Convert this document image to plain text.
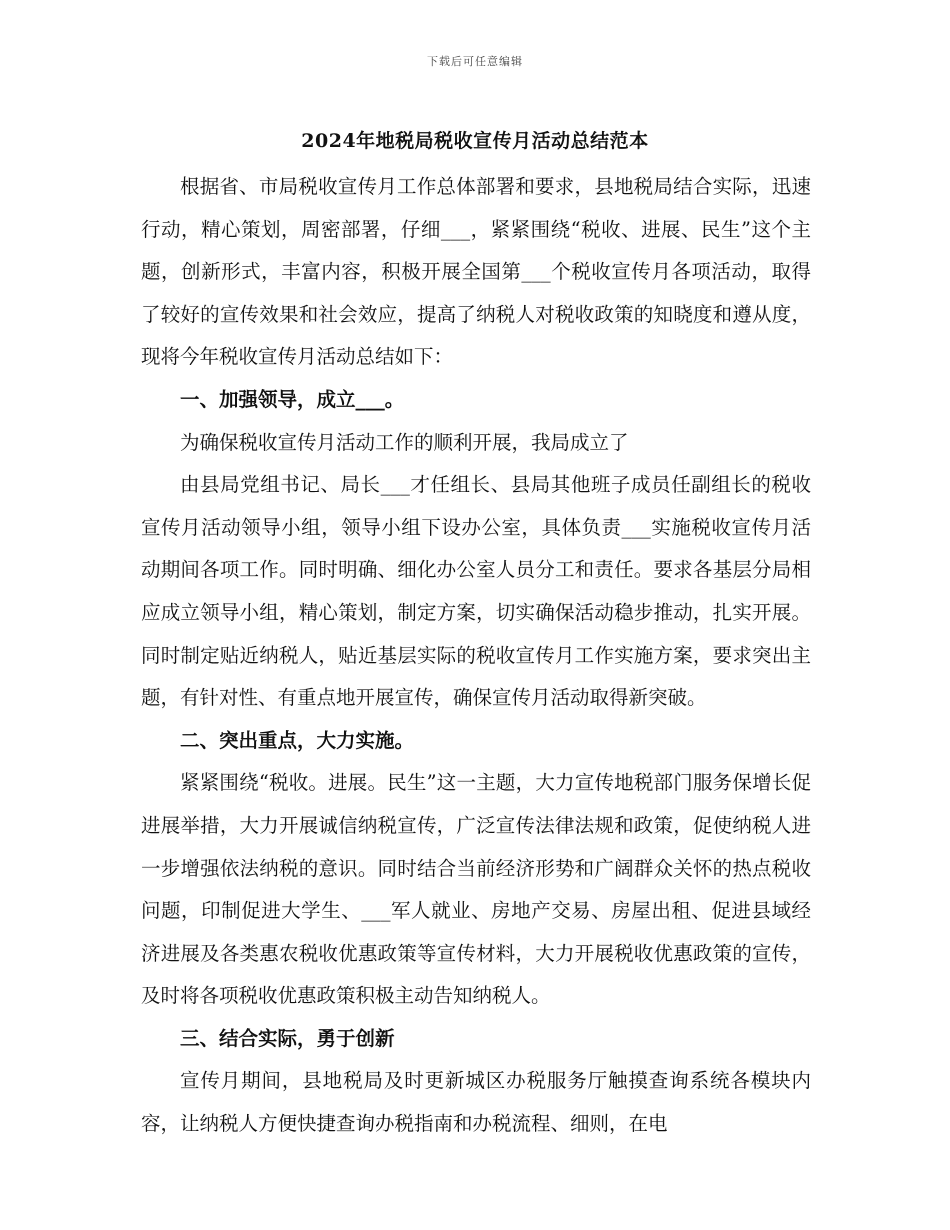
下载后可任意编辑
2024年地税局税收宣传月活动总结范本

根据省、市局税收宣传月工作总体部署和要求，县地税局结合实际，迅速行动，精心策划，周密部署，仔细___，紧紧围绕“税收、进展、民生”这个主题，创新形式，丰富内容，积极开展全国第___个税收宣传月各项活动，取得了较好的宣传效果和社会效应，提高了纳税人对税收政策的知晓度和遵从度，现将今年税收宣传月活动总结如下：

一、加强领导，成立___。

为确保税收宣传月活动工作的顺利开展，我局成立了

由县局党组书记、局长___才任组长、县局其他班子成员任副组长的税收宣传月活动领导小组，领导小组下设办公室，具体负责___实施税收宣传月活动期间各项工作。同时明确、细化办公室人员分工和责任。要求各基层分局相应成立领导小组，精心策划，制定方案，切实确保活动稳步推动，扎实开展。同时制定贴近纳税人，贴近基层实际的税收宣传月工作实施方案，要求突出主题，有针对性、有重点地开展宣传，确保宣传月活动取得新突破。

二、突出重点，大力实施。

紧紧围绕“税收。进展。民生”这一主题，大力宣传地税部门服务保增长促进展举措，大力开展诚信纳税宣传，广泛宣传法律法规和政策，促使纳税人进一步增强依法纳税的意识。同时结合当前经济形势和广阔群众关怀的热点税收问题，印制促进大学生、___军人就业、房地产交易、房屋出租、促进县域经济进展及各类惠农税收优惠政策等宣传材料，大力开展税收优惠政策的宣传，及时将各项税收优惠政策积极主动告知纳税人。

三、结合实际，勇于创新

宣传月期间，县地税局及时更新城区办税服务厅触摸查询系统各模块内容，让纳税人方便快捷查询办税指南和办税流程、细则，在电
